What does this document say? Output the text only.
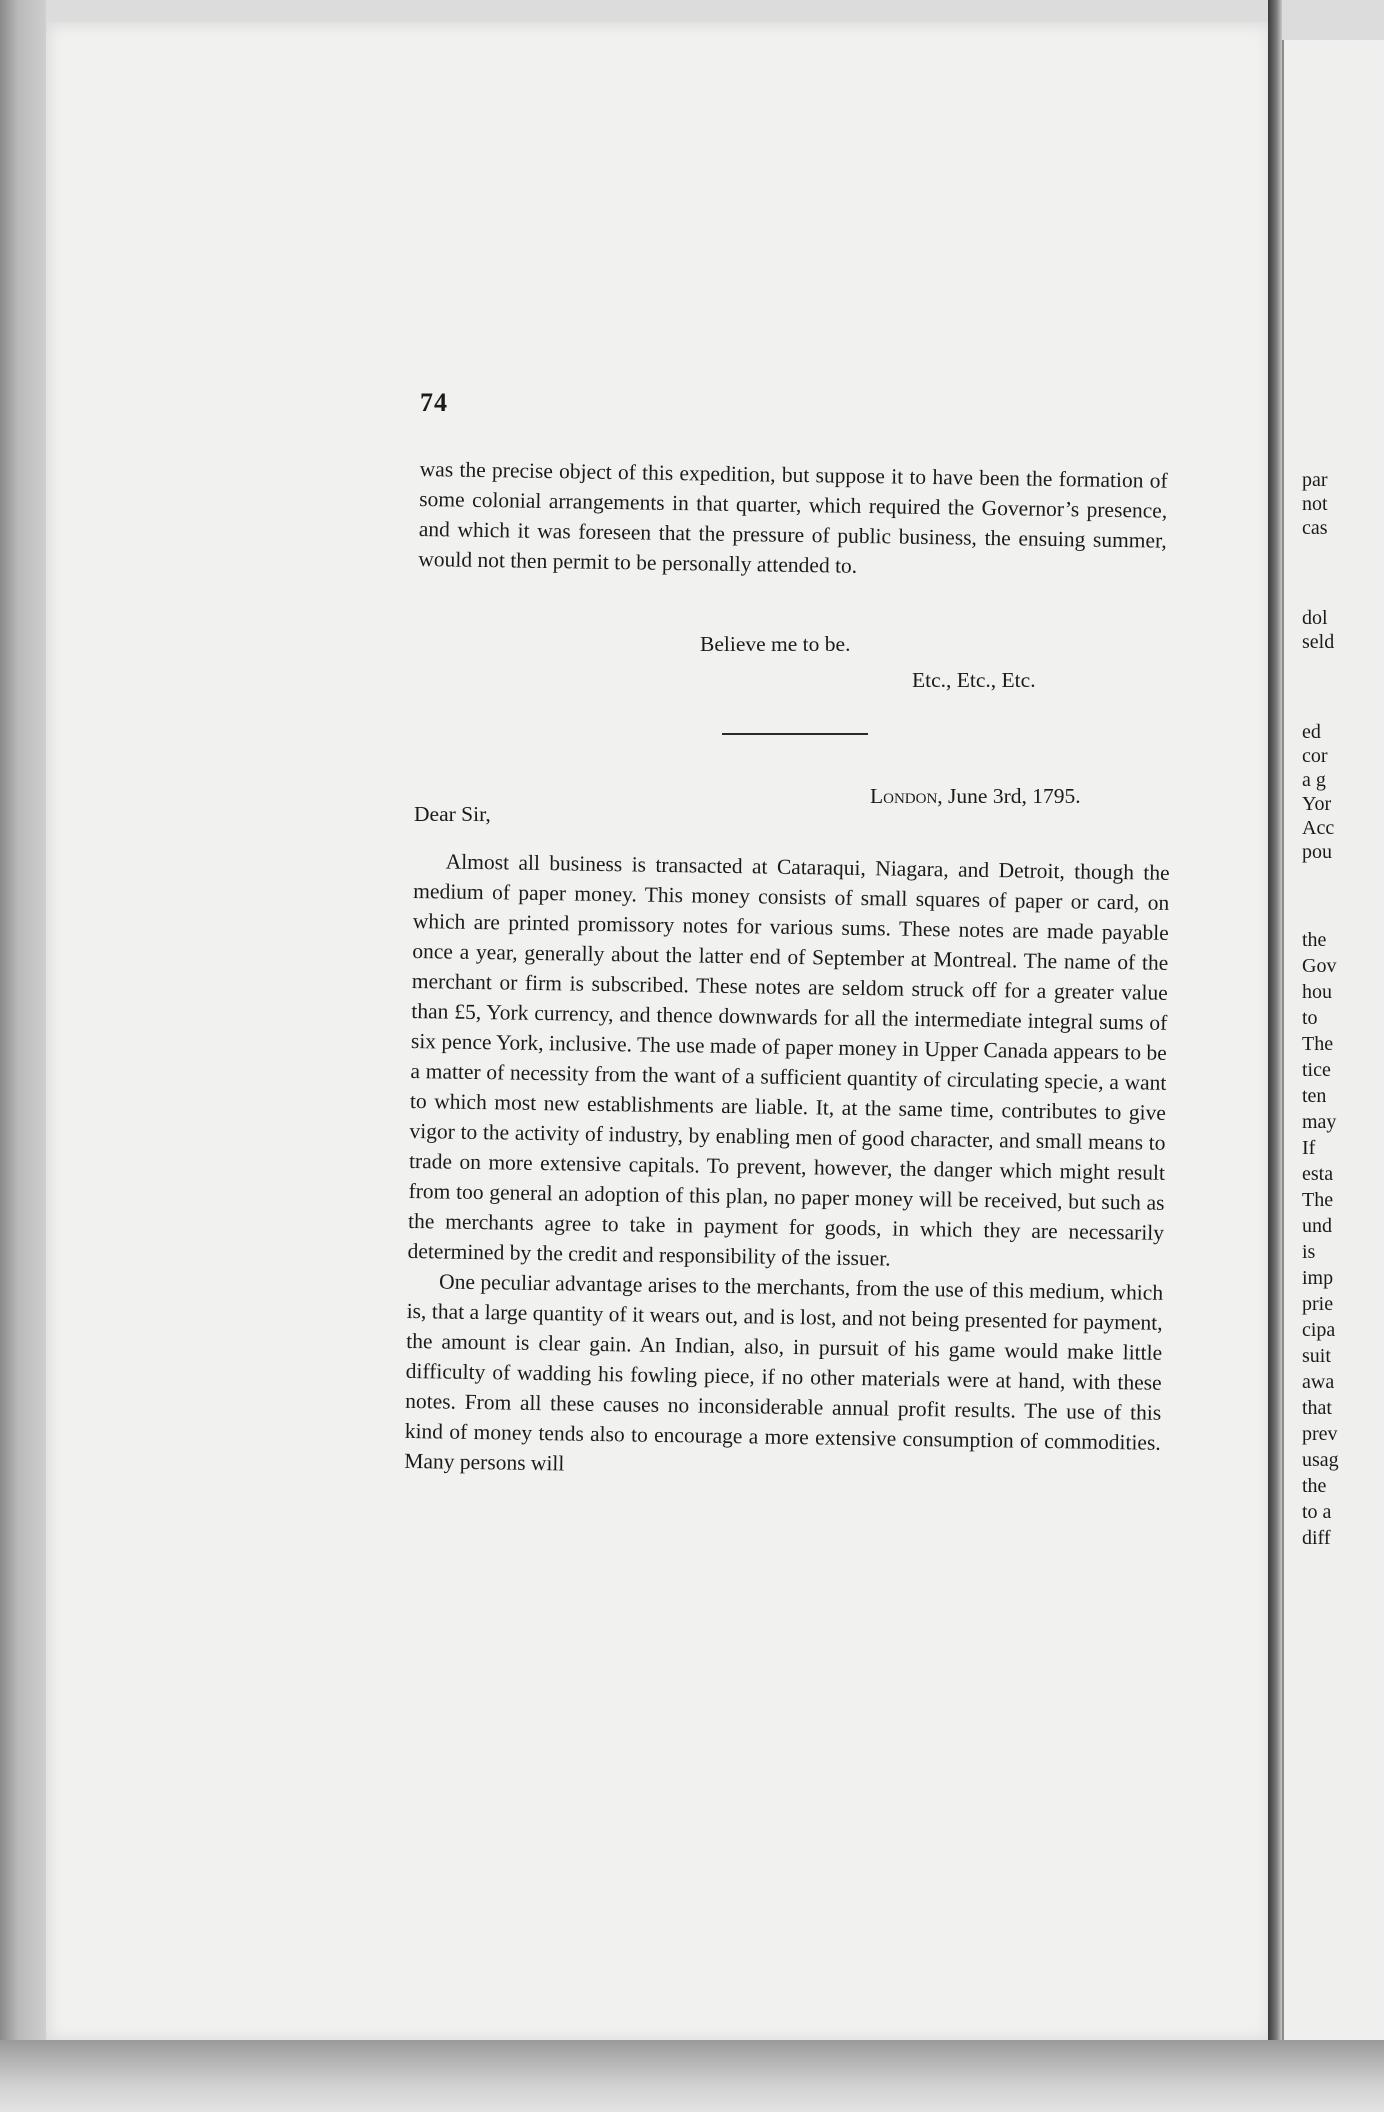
74

was the precise object of this expedition, but suppose it to have been the formation of some colonial arrangements in that quarter, which required the Governor’s presence, and which it was foreseen that the pressure of public business, the ensuing summer, would not then permit to be personally attended to.

Believe me to be.
Etc., Etc., Etc.
London, June 3rd, 1795.
Dear Sir,

Almost all business is transacted at Cataraqui, Niagara, and Detroit, though the medium of paper money. This money consists of small squares of paper or card, on which are printed promissory notes for various sums. These notes are made payable once a year, generally about the latter end of September at Montreal. The name of the merchant or firm is subscribed. These notes are seldom struck off for a greater value than £5, York currency, and thence downwards for all the intermediate integral sums of six pence York, inclusive. The use made of paper money in Upper Canada appears to be a matter of necessity from the want of a sufficient quantity of circulating specie, a want to which most new establishments are liable. It, at the same time, contributes to give vigor to the activity of industry, by enabling men of good character, and small means to trade on more extensive capitals. To prevent, however, the danger which might result from too general an adoption of this plan, no paper money will be received, but such as the merchants agree to take in payment for goods, in which they are necessarily determined by the credit and responsibility of the issuer.

One peculiar advantage arises to the merchants, from the use of this medium, which is, that a large quantity of it wears out, and is lost, and not being presented for payment, the amount is clear gain. An Indian, also, in pursuit of his game would make little difficulty of wadding his fowling piece, if no other materials were at hand, with these notes. From all these causes no inconsiderable annual profit results. The use of this kind of money tends also to encourage a more extensive consumption of commodities. Many persons will

par
not
cas
dol
seld
ed
cor
a g
Yor
Acc
pou
the
Gov
hou
to
The
tice
ten
may
If
esta
The
und
is
imp
prie
cipa
suit
awa
that
prev
usag
the
to a
diff
